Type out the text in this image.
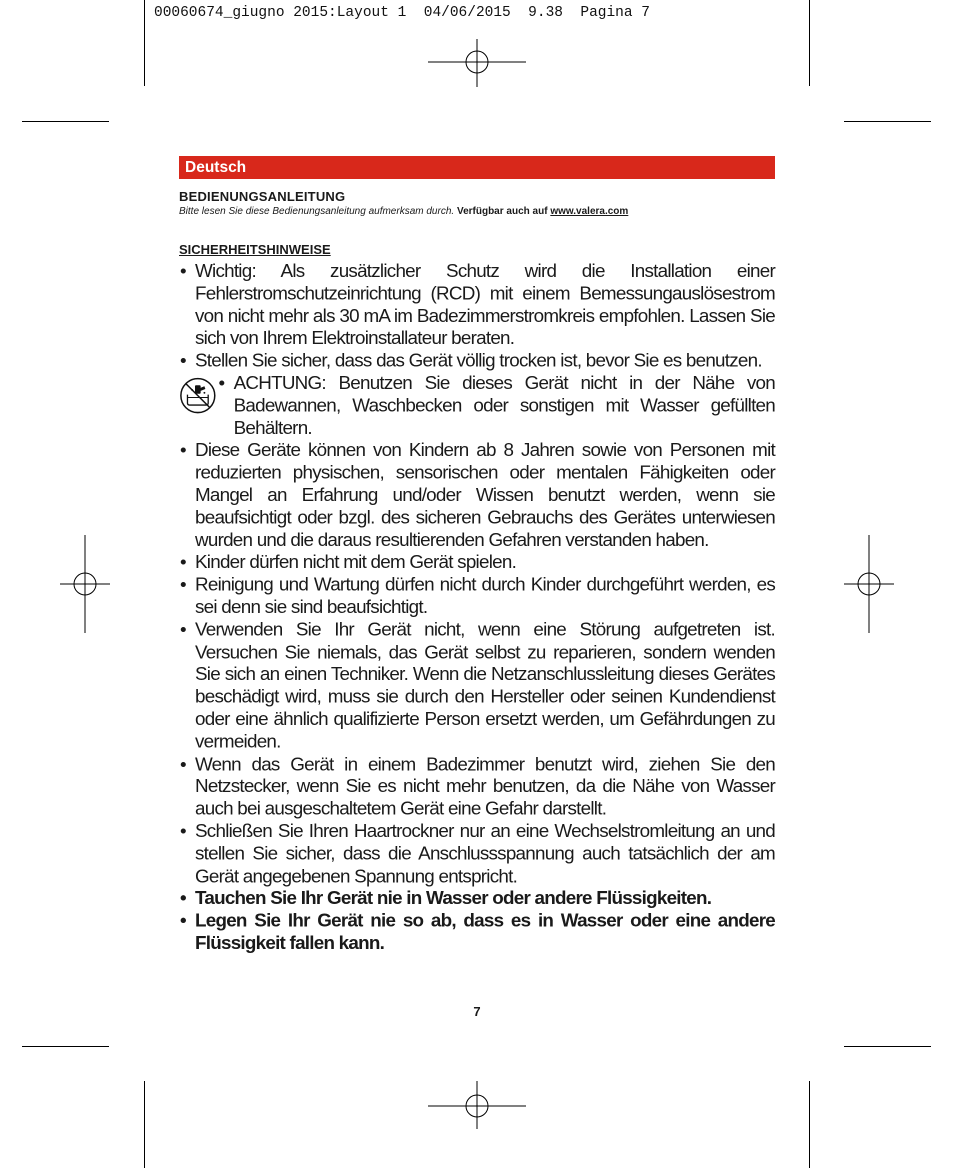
00060674_giugno 2015:Layout 1  04/06/2015  9.38  Pagina 7
Deutsch
BEDIENUNGSANLEITUNG
Bitte lesen Sie diese Bedienungsanleitung aufmerksam durch. Verfügbar auch auf www.valera.com
SICHERHEITSHINWEISE
• Wichtig: Als zusätzlicher Schutz wird die Installation einer Fehlerstromschutzeinrichtung (RCD) mit einem Bemessungauslösestrom von nicht mehr als 30 mA im Badezimmerstromkreis empfohlen. Lassen Sie sich von Ihrem Elektroinstallateur beraten.
• Stellen Sie sicher, dass das Gerät völlig trocken ist, bevor Sie es benutzen.
• ACHTUNG: Benutzen Sie dieses Gerät nicht in der Nähe von Badewannen, Waschbecken oder sonstigen mit Wasser gefüllten Behältern.
• Diese Geräte können von Kindern ab 8 Jahren sowie von Personen mit reduzierten physischen, sensorischen oder mentalen Fähigkeiten oder Mangel an Erfahrung und/oder Wissen benutzt werden, wenn sie beaufsichtigt oder bzgl. des sicheren Gebrauchs des Gerätes unterwiesen wurden und die daraus resultierenden Gefahren verstanden haben.
• Kinder dürfen nicht mit dem Gerät spielen.
• Reinigung und Wartung dürfen nicht durch Kinder durchgeführt werden, es sei denn sie sind beaufsichtigt.
• Verwenden Sie Ihr Gerät nicht, wenn eine Störung aufgetreten ist. Versuchen Sie niemals, das Gerät selbst zu reparieren, sondern wenden Sie sich an einen Techniker. Wenn die Netzanschlussleitung dieses Gerätes beschädigt wird, muss sie durch den Hersteller oder seinen Kundendienst oder eine ähnlich qualifizierte Person ersetzt werden, um Gefährdungen zu vermeiden.
• Wenn das Gerät in einem Badezimmer benutzt wird, ziehen Sie den Netzstecker, wenn Sie es nicht mehr benutzen, da die Nähe von Wasser auch bei ausgeschaltetem Gerät eine Gefahr darstellt.
• Schließen Sie Ihren Haartrockner nur an eine Wechselstromleitung an und stellen Sie sicher, dass die Anschlussspannung auch tatsächlich der am Gerät angegebenen Spannung entspricht.
• Tauchen Sie Ihr Gerät nie in Wasser oder andere Flüssigkeiten.
• Legen Sie Ihr Gerät nie so ab, dass es in Wasser oder eine andere Flüssigkeit fallen kann.
7
